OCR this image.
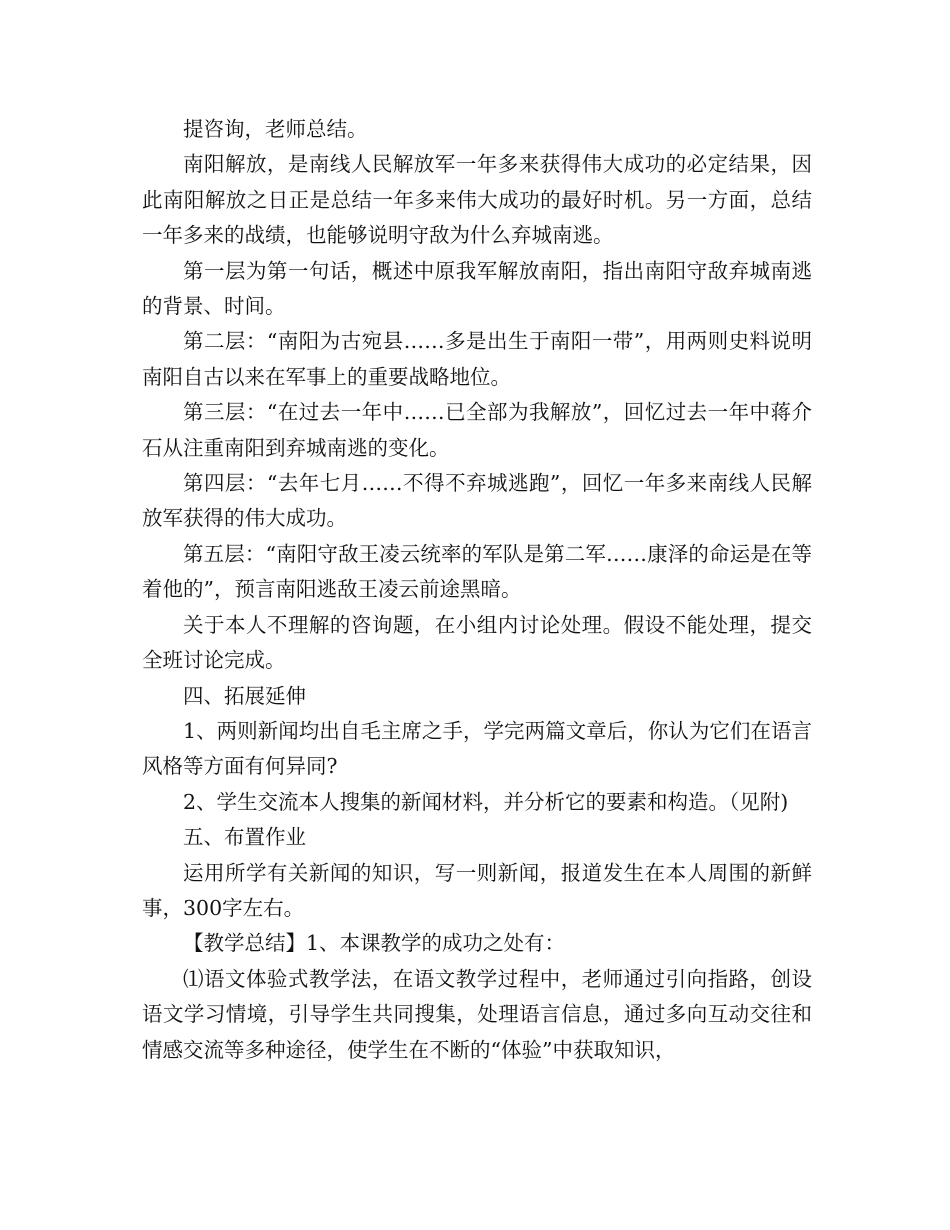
提咨询，老师总结。

南阳解放，是南线人民解放军一年多来获得伟大成功的必定结果，因此南阳解放之日正是总结一年多来伟大成功的最好时机。另一方面，总结一年多来的战绩，也能够说明守敌为什么弃城南逃。

第一层为第一句话，概述中原我军解放南阳，指出南阳守敌弃城南逃的背景、时间。

第二层：“南阳为古宛县……多是出生于南阳一带”，用两则史料说明南阳自古以来在军事上的重要战略地位。

第三层：“在过去一年中……已全部为我解放”，回忆过去一年中蒋介石从注重南阳到弃城南逃的变化。

第四层：“去年七月……不得不弃城逃跑”，回忆一年多来南线人民解放军获得的伟大成功。

第五层：“南阳守敌王凌云统率的军队是第二军……康泽的命运是在等着他的”，预言南阳逃敌王凌云前途黑暗。

关于本人不理解的咨询题，在小组内讨论处理。假设不能处理，提交全班讨论完成。

四、拓展延伸

1、两则新闻均出自毛主席之手，学完两篇文章后，你认为它们在语言风格等方面有何异同?

2、学生交流本人搜集的新闻材料，并分析它的要素和构造。（见附)

五、布置作业

运用所学有关新闻的知识，写一则新闻，报道发生在本人周围的新鲜事，300字左右。

【教学总结】1、本课教学的成功之处有：

⑴语文体验式教学法，在语文教学过程中，老师通过引向指路，创设语文学习情境，引导学生共同搜集，处理语言信息，通过多向互动交往和情感交流等多种途径，使学生在不断的“体验”中获取知识，
